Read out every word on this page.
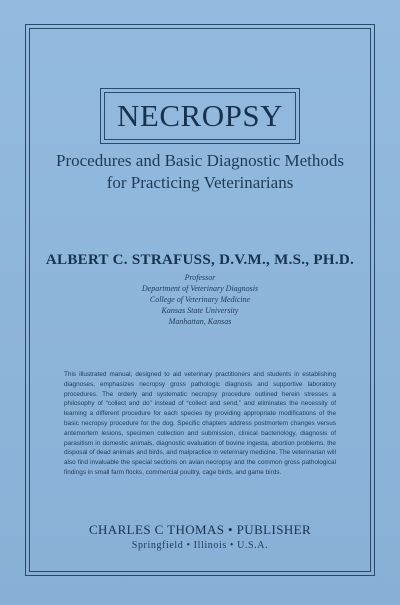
NECROPSY
Procedures and Basic Diagnostic Methods
for Practicing Veterinarians
ALBERT C. STRAFUSS, D.V.M., M.S., PH.D.
Professor
Department of Veterinary Diagnosis
College of Veterinary Medicine
Kansas State University
Manhattan, Kansas
This illustrated manual, designed to aid veterinary practitioners and students in establishing diagnoses, emphasizes necropsy gross pathologic diagnosis and supportive laboratory procedures. The orderly and systematic necropsy procedure outlined herein stresses a philosophy of “collect and do” instead of “collect and send,” and eliminates the necessity of learning a different procedure for each species by providing appropriate modifications of the basic necropsy procedure for the dog. Specific chapters address postmortem changes versus antemortem lesions, specimen collection and submission, clinical bacteriology, diagnosis of parasitism in domestic animals, diagnostic evaluation of bovine ingesta, abortion problems, the disposal of dead animals and birds, and malpractice in veterinary medicine. The veterinarian will also find invaluable the special sections on avian necropsy and the common gross pathological findings in small farm flocks, commercial poultry, cage birds, and game birds.
CHARLES C THOMAS • PUBLISHER
Springfield • Illinois • U.S.A.
